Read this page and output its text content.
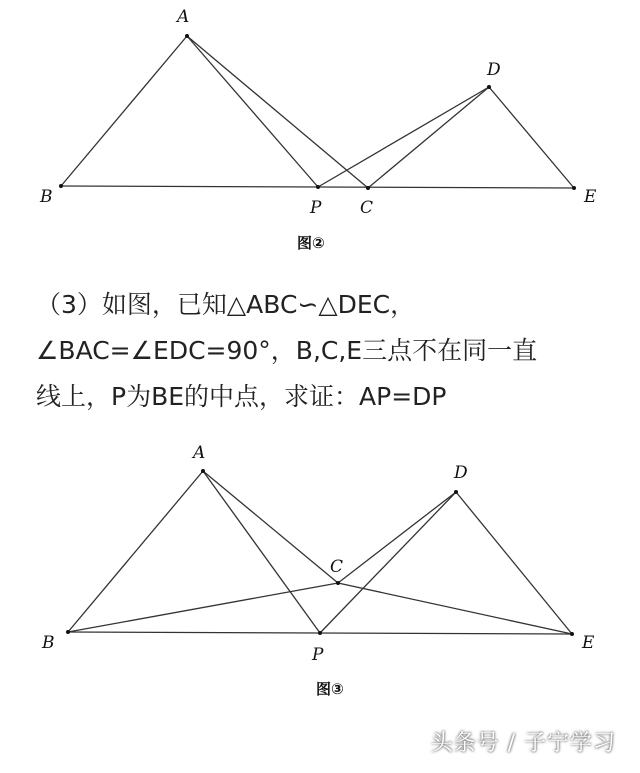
A
B
P C
D
E
图②

（3）如图，已知△ABC∽△DEC，

∠BAC=∠EDC=90°，B,C,E三点不在同一直

线上，P为BE的中点，求证：AP=DP

A
B
P
C
D
E
图③
头条号 / 子宁学习
